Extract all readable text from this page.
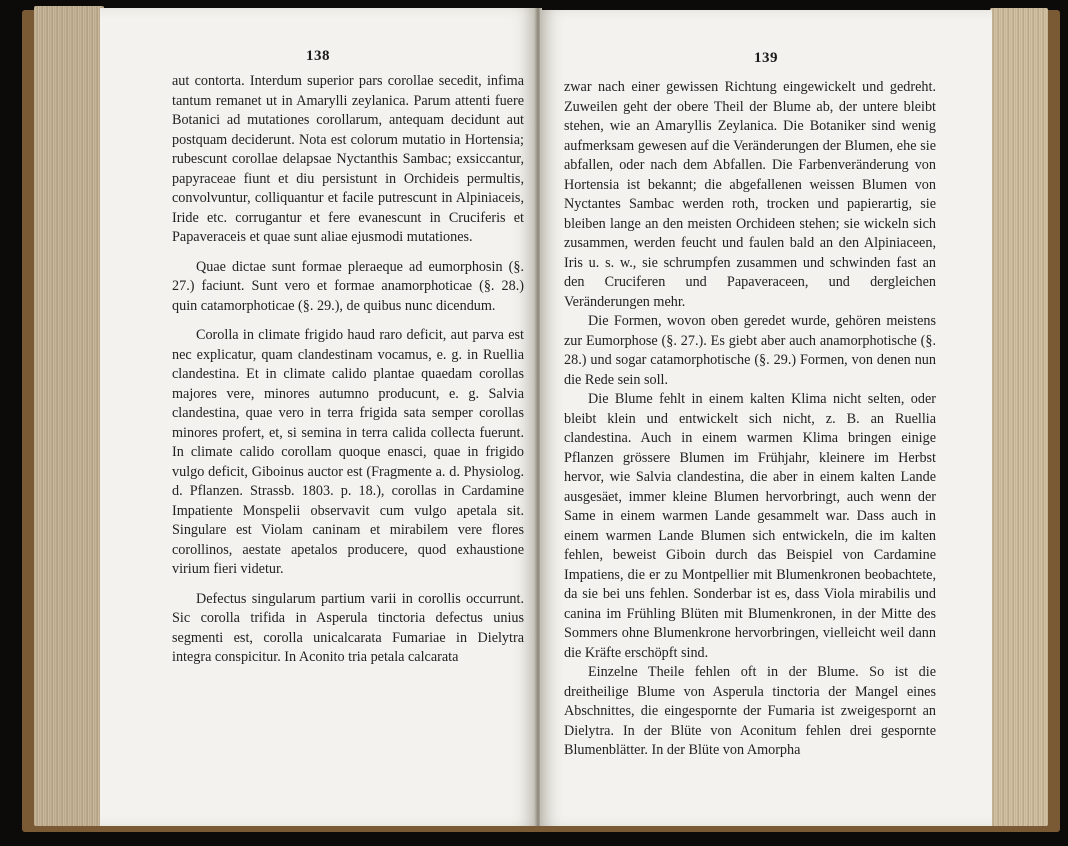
138

aut contorta. Interdum superior pars corollae secedit, infima tantum remanet ut in Amarylli zeylanica. Parum attenti fuere Botanici ad mutationes corollarum, antequam decidunt aut postquam deciderunt. Nota est colorum mutatio in Hortensia; rubescunt corollae delapsae Nyctanthis Sambac; exsiccantur, papyraceae fiunt et diu persistunt in Orchideis permultis, convolvuntur, colliquantur et facile putrescunt in Alpiniaceis, Iride etc. corrugantur et fere evanescunt in Cruciferis et Papaveraceis et quae sunt aliae ejusmodi mutationes.

Quae dictae sunt formae pleraeque ad eumorphosin (§. 27.) faciunt. Sunt vero et formae anamorphoticae (§. 28.) quin catamorphoticae (§. 29.), de quibus nunc dicendum.

Corolla in climate frigido haud raro deficit, aut parva est nec explicatur, quam clandestinam vocamus, e. g. in Ruellia clandestina. Et in climate calido plantae quaedam corollas majores vere, minores autumno producunt, e. g. Salvia clandestina, quae vero in terra frigida sata semper corollas minores profert, et, si semina in terra calida collecta fuerunt. In climate calido corollam quoque enasci, quae in frigido vulgo deficit, Giboinus auctor est (Fragmente a. d. Physiolog. d. Pflanzen. Strassb. 1803. p. 18.), corollas in Cardamine Impatiente Monspelii observavit cum vulgo apetala sit. Singulare est Violam caninam et mirabilem vere flores corollinos, aestate apetalos producere, quod exhaustione virium fieri videtur.

Defectus singularum partium varii in corollis occurrunt. Sic corolla trifida in Asperula tinctoria defectus unius segmenti est, corolla unicalcarata Fumariae in Dielytra integra conspicitur. In Aconito tria petala calcarata

139

zwar nach einer gewissen Richtung eingewickelt und gedreht. Zuweilen geht der obere Theil der Blume ab, der untere bleibt stehen, wie an Amaryllis Zeylanica. Die Botaniker sind wenig aufmerksam gewesen auf die Veränderungen der Blumen, ehe sie abfallen, oder nach dem Abfallen. Die Farbenveränderung von Hortensia ist bekannt; die abgefallenen weissen Blumen von Nyctantes Sambac werden roth, trocken und papierartig, sie bleiben lange an den meisten Orchideen stehen; sie wickeln sich zusammen, werden feucht und faulen bald an den Alpiniaceen, Iris u. s. w., sie schrumpfen zusammen und schwinden fast an den Cruciferen und Papaveraceen, und dergleichen Veränderungen mehr.

Die Formen, wovon oben geredet wurde, gehören meistens zur Eumorphose (§. 27.). Es giebt aber auch anamorphotische (§. 28.) und sogar catamorphotische (§. 29.) Formen, von denen nun die Rede sein soll.

Die Blume fehlt in einem kalten Klima nicht selten, oder bleibt klein und entwickelt sich nicht, z. B. an Ruellia clandestina. Auch in einem warmen Klima bringen einige Pflanzen grössere Blumen im Frühjahr, kleinere im Herbst hervor, wie Salvia clandestina, die aber in einem kalten Lande ausgesäet, immer kleine Blumen hervorbringt, auch wenn der Same in einem warmen Lande gesammelt war. Dass auch in einem warmen Lande Blumen sich entwickeln, die im kalten fehlen, beweist Giboin durch das Beispiel von Cardamine Impatiens, die er zu Montpellier mit Blumenkronen beobachtete, da sie bei uns fehlen. Sonderbar ist es, dass Viola mirabilis und canina im Frühling Blüten mit Blumenkronen, in der Mitte des Sommers ohne Blumenkrone hervorbringen, vielleicht weil dann die Kräfte erschöpft sind.

Einzelne Theile fehlen oft in der Blume. So ist die dreitheilige Blume von Asperula tinctoria der Mangel eines Abschnittes, die eingespornte der Fumaria ist zweigespornt an Dielytra. In der Blüte von Aconitum fehlen drei gespornte Blumenblätter. In der Blüte von Amorpha
